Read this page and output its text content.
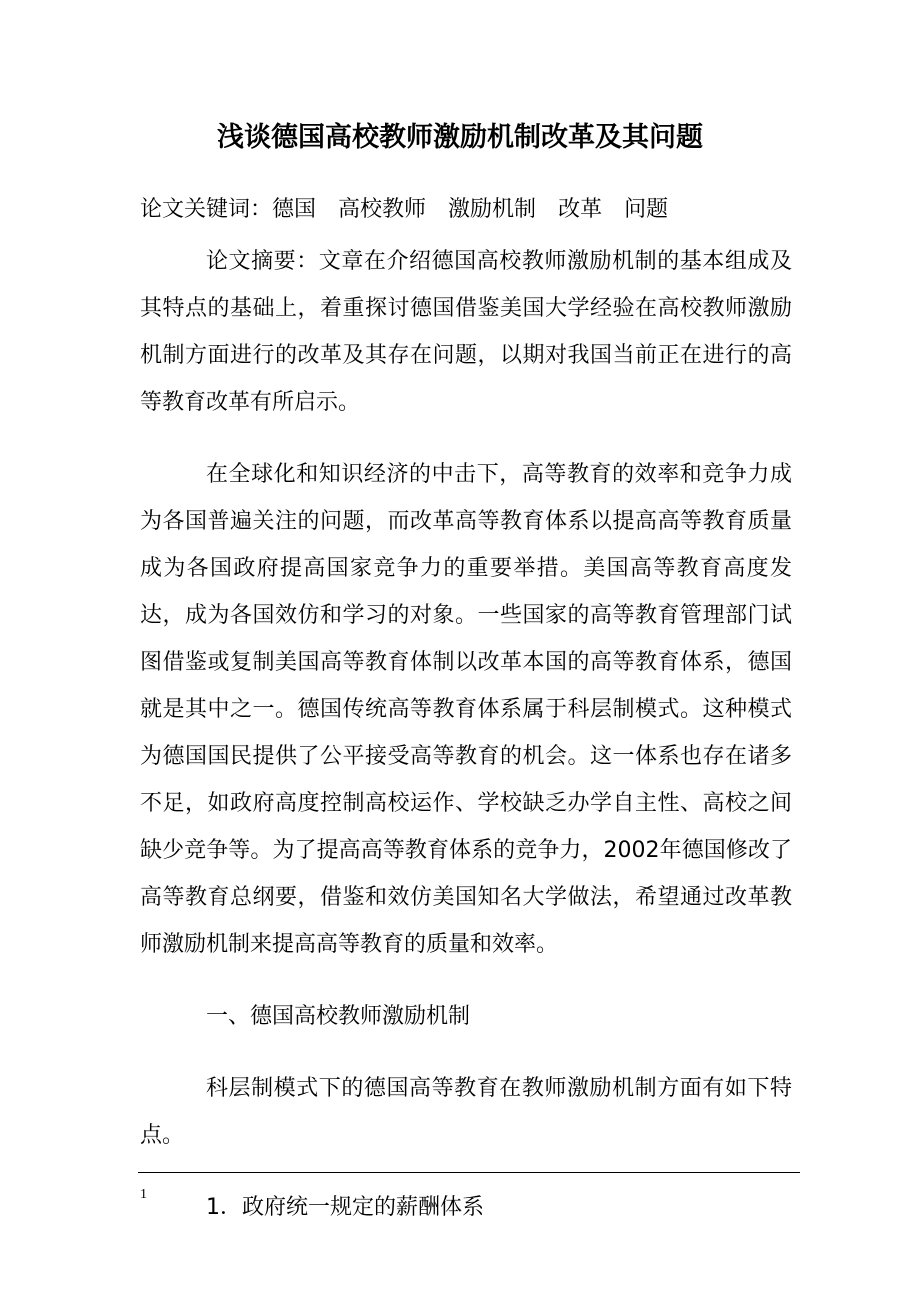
浅谈德国高校教师激励机制改革及其问题

论文关键词：德国 高校教师 激励机制 改革 问题

论文摘要：文章在介绍德国高校教师激励机制的基本组成及其特点的基础上，着重探讨德国借鉴美国大学经验在高校教师激励机制方面进行的改革及其存在问题，以期对我国当前正在进行的高等教育改革有所启示。

在全球化和知识经济的中击下，高等教育的效率和竞争力成为各国普遍关注的问题，而改革高等教育体系以提高高等教育质量成为各国政府提高国家竞争力的重要举措。美国高等教育高度发达，成为各国效仿和学习的对象。一些国家的高等教育管理部门试图借鉴或复制美国高等教育体制以改革本国的高等教育体系，德国就是其中之一。德国传统高等教育体系属于科层制模式。这种模式为德国国民提供了公平接受高等教育的机会。这一体系也存在诸多不足，如政府高度控制高校运作、学校缺乏办学自主性、高校之间缺少竞争等。为了提高高等教育体系的竞争力，2002年德国修改了高等教育总纲要，借鉴和效仿美国知名大学做法，希望通过改革教师激励机制来提高高等教育的质量和效率。

一、德国高校教师激励机制

科层制模式下的德国高等教育在教师激励机制方面有如下特点。

1．政府统一规定的薪酬体系

1
